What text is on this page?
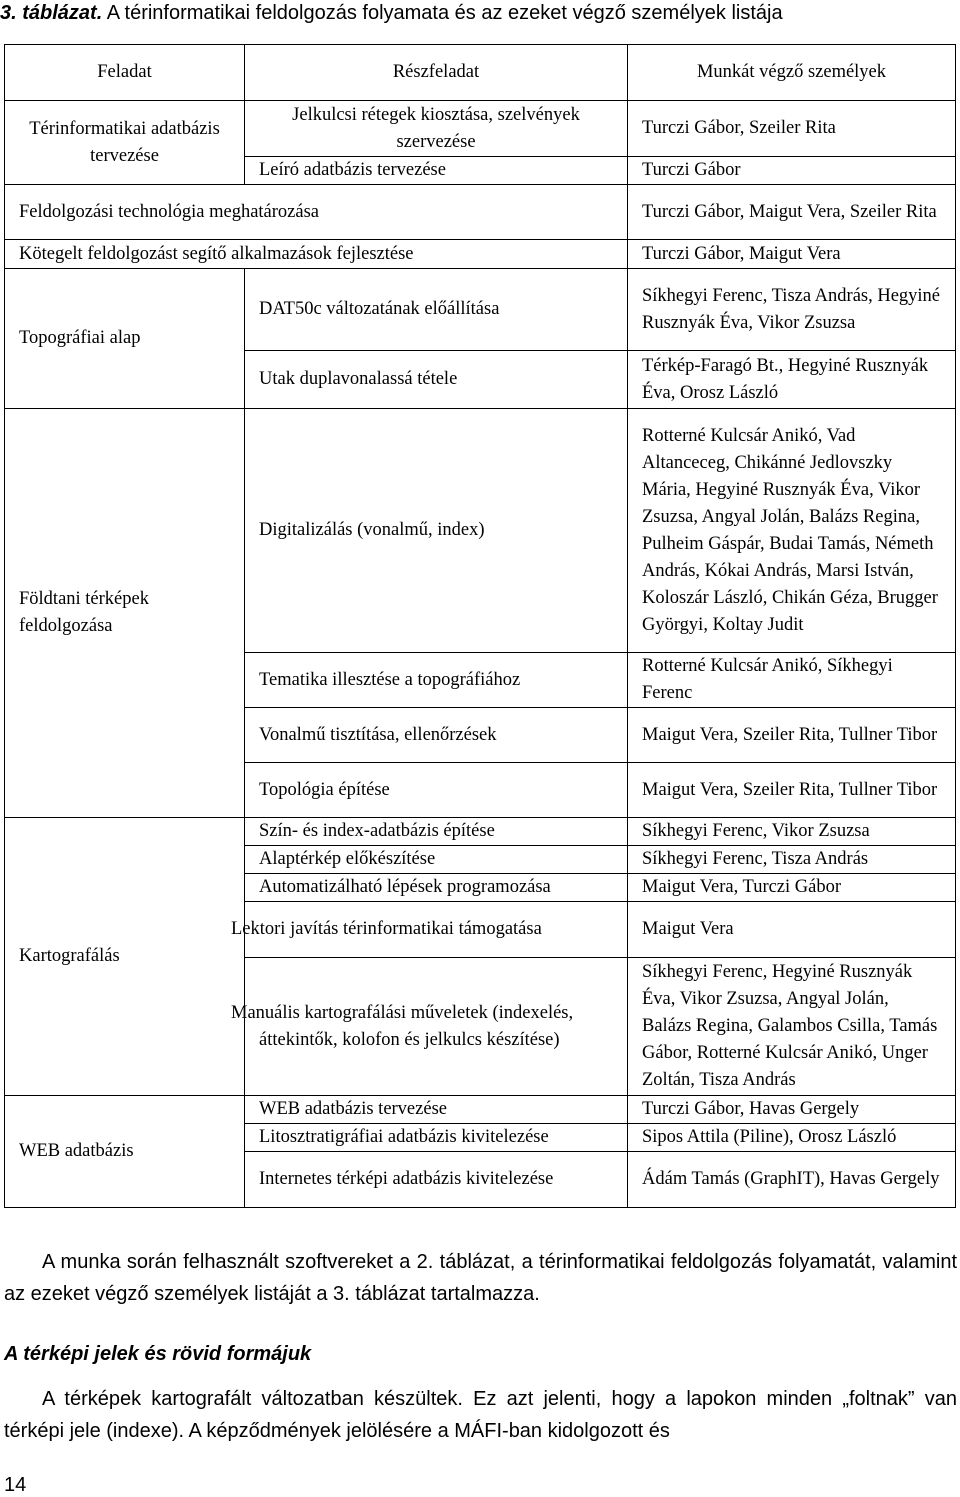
3. táblázat. A térinformatikai feldolgozás folyamata és az ezeket végző személyek listája
Feladat	Részfeladat	Munkát végző személyek
Térinformatikai adatbázis tervezése	Jelkulcsi rétegek kiosztása, szelvények szervezése	Turczi Gábor, Szeiler Rita
	Leíró adatbázis tervezése	Turczi Gábor
Feldolgozási technológia meghatározása		Turczi Gábor, Maigut Vera, Szeiler Rita
Kötegelt feldolgozást segítő alkalmazások fejlesztése		Turczi Gábor, Maigut Vera
Topográfiai alap	DAT50c változatának előállítása	Síkhegyi Ferenc, Tisza András, Hegyiné Rusznyák Éva, Vikor Zsuzsa
	Utak duplavonalassá tétele	Térkép-Faragó Bt., Hegyiné Rusznyák Éva, Orosz László
Földtani térképek feldolgozása	Digitalizálás (vonalmű, index)	Rotterné Kulcsár Anikó, Vad Altanceceg, Chikánné Jedlovszky Mária, Hegyiné Rusznyák Éva, Vikor Zsuzsa, Angyal Jolán, Balázs Regina, Pulheim Gáspár, Budai Tamás, Németh András, Kókai András, Marsi István, Koloszár László, Chikán Géza, Brugger Györgyi, Koltay Judit
	Tematika illesztése a topográfiához	Rotterné Kulcsár Anikó, Síkhegyi Ferenc
	Vonalmű tisztítása, ellenőrzések	Maigut Vera, Szeiler Rita, Tullner Tibor
	Topológia építése	Maigut Vera, Szeiler Rita, Tullner Tibor
Kartografálás	Szín- és index-adatbázis építése	Síkhegyi Ferenc, Vikor Zsuzsa
	Alaptérkép előkészítése	Síkhegyi Ferenc, Tisza András
	Automatizálható lépések programozása	Maigut Vera, Turczi Gábor
	Lektori javítás térinformatikai támogatása	Maigut Vera
	Manuális kartografálási műveletek (indexelés, áttekintők, kolofon és jelkulcs készítése)	Síkhegyi Ferenc, Hegyiné Rusznyák Éva, Vikor Zsuzsa, Angyal Jolán, Balázs Regina, Galambos Csilla, Tamás Gábor, Rotterné Kulcsár Anikó, Unger Zoltán, Tisza András
WEB adatbázis	WEB adatbázis tervezése	Turczi Gábor, Havas Gergely
	Litosztratigráfiai adatbázis kivitelezése	Sipos Attila (Piline), Orosz László
	Internetes térképi adatbázis kivitelezése	Ádám Tamás (GraphIT), Havas Gergely
A munka során felhasznált szoftvereket a 2. táblázat, a térinformatikai feldolgozás folyamatát, valamint az ezeket végző személyek listáját a 3. táblázat tartalmazza.
A térképi jelek és rövid formájuk
A térképek kartografált változatban készültek. Ez azt jelenti, hogy a lapokon minden „foltnak” van térképi jele (indexe). A képződmények jelölésére a MÁFI-ban kidolgozott és
14
